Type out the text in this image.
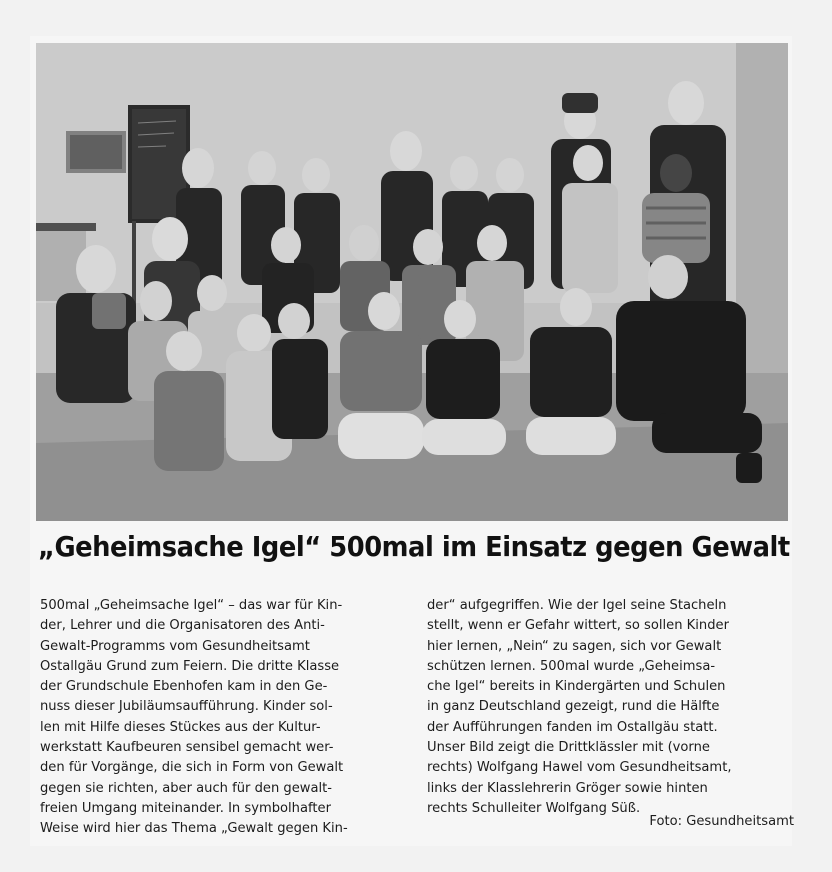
„Geheimsache Igel“ 500mal im Einsatz gegen Gewalt
500mal „Geheimsache Igel“ – das war für Kin-
der, Lehrer und die Organisatoren des Anti-
Gewalt-Programms vom Gesundheitsamt
Ostallgäu Grund zum Feiern. Die dritte Klasse
der Grundschule Ebenhofen kam in den Ge-
nuss dieser Jubiläumsaufführung. Kinder sol-
len mit Hilfe dieses Stückes aus der Kultur-
werkstatt Kaufbeuren sensibel gemacht wer-
den für Vorgänge, die sich in Form von Gewalt
gegen sie richten, aber auch für den gewalt-
freien Umgang miteinander. In symbolhafter
Weise wird hier das Thema „Gewalt gegen Kin-
der“ aufgegriffen. Wie der Igel seine Stacheln
stellt, wenn er Gefahr wittert, so sollen Kinder
hier lernen, „Nein“ zu sagen, sich vor Gewalt
schützen lernen. 500mal wurde „Geheimsa-
che Igel“ bereits in Kindergärten und Schulen
in ganz Deutschland gezeigt, rund die Hälfte
der Aufführungen fanden im Ostallgäu statt.
Unser Bild zeigt die Drittklässler mit (vorne
rechts) Wolfgang Hawel vom Gesundheitsamt,
links der Klasslehrerin Gröger sowie hinten
rechts Schulleiter Wolfgang Süß.
Foto: Gesundheitsamt
